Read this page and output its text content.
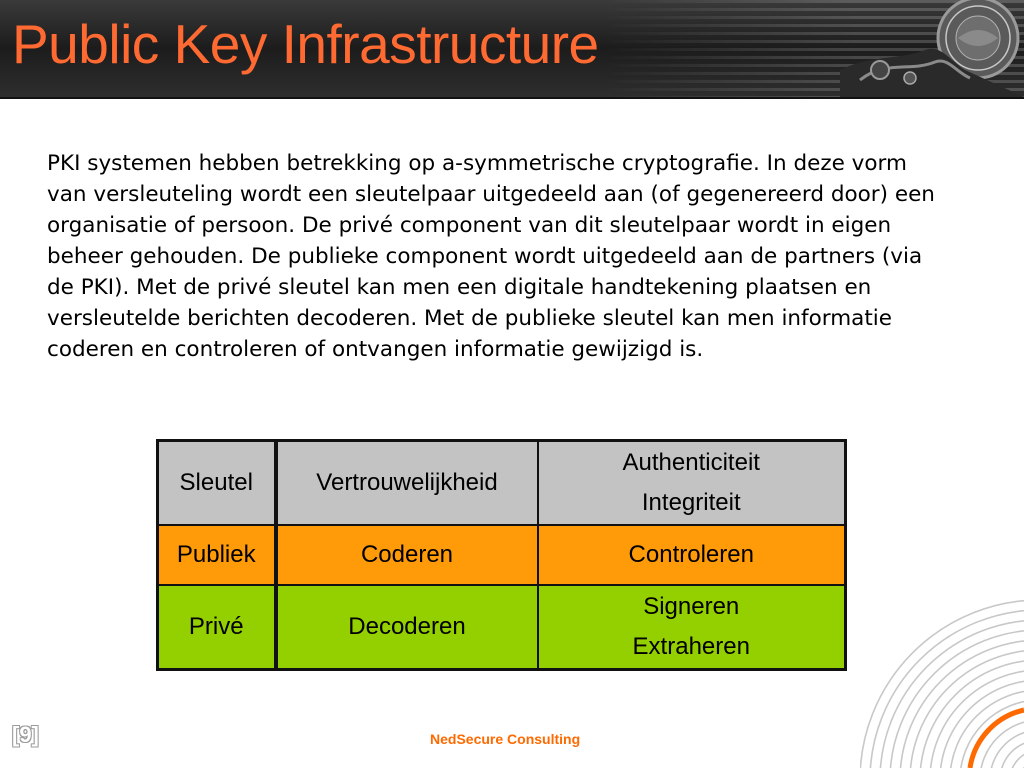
Public Key Infrastructure

PKI systemen hebben betrekking op a-symmetrische cryptografie. In deze vorm van versleuteling wordt een sleutelpaar uitgedeeld aan (of gegenereerd door) een organisatie of persoon. De privé component van dit sleutelpaar wordt in eigen beheer gehouden. De publieke component wordt uitgedeeld aan de partners (via de PKI). Met de privé sleutel kan men een digitale handtekening plaatsen en versleutelde berichten decoderen. Met de publieke sleutel kan men informatie coderen en controleren of ontvangen informatie gewijzigd is.

Sleutel	Vertrouwelijkheid	Authenticiteit
Integriteit

Publiek	Coderen	Controleren
Privé	Decoderen	Signeren
Extraheren
[9]	NedSecure Consulting
